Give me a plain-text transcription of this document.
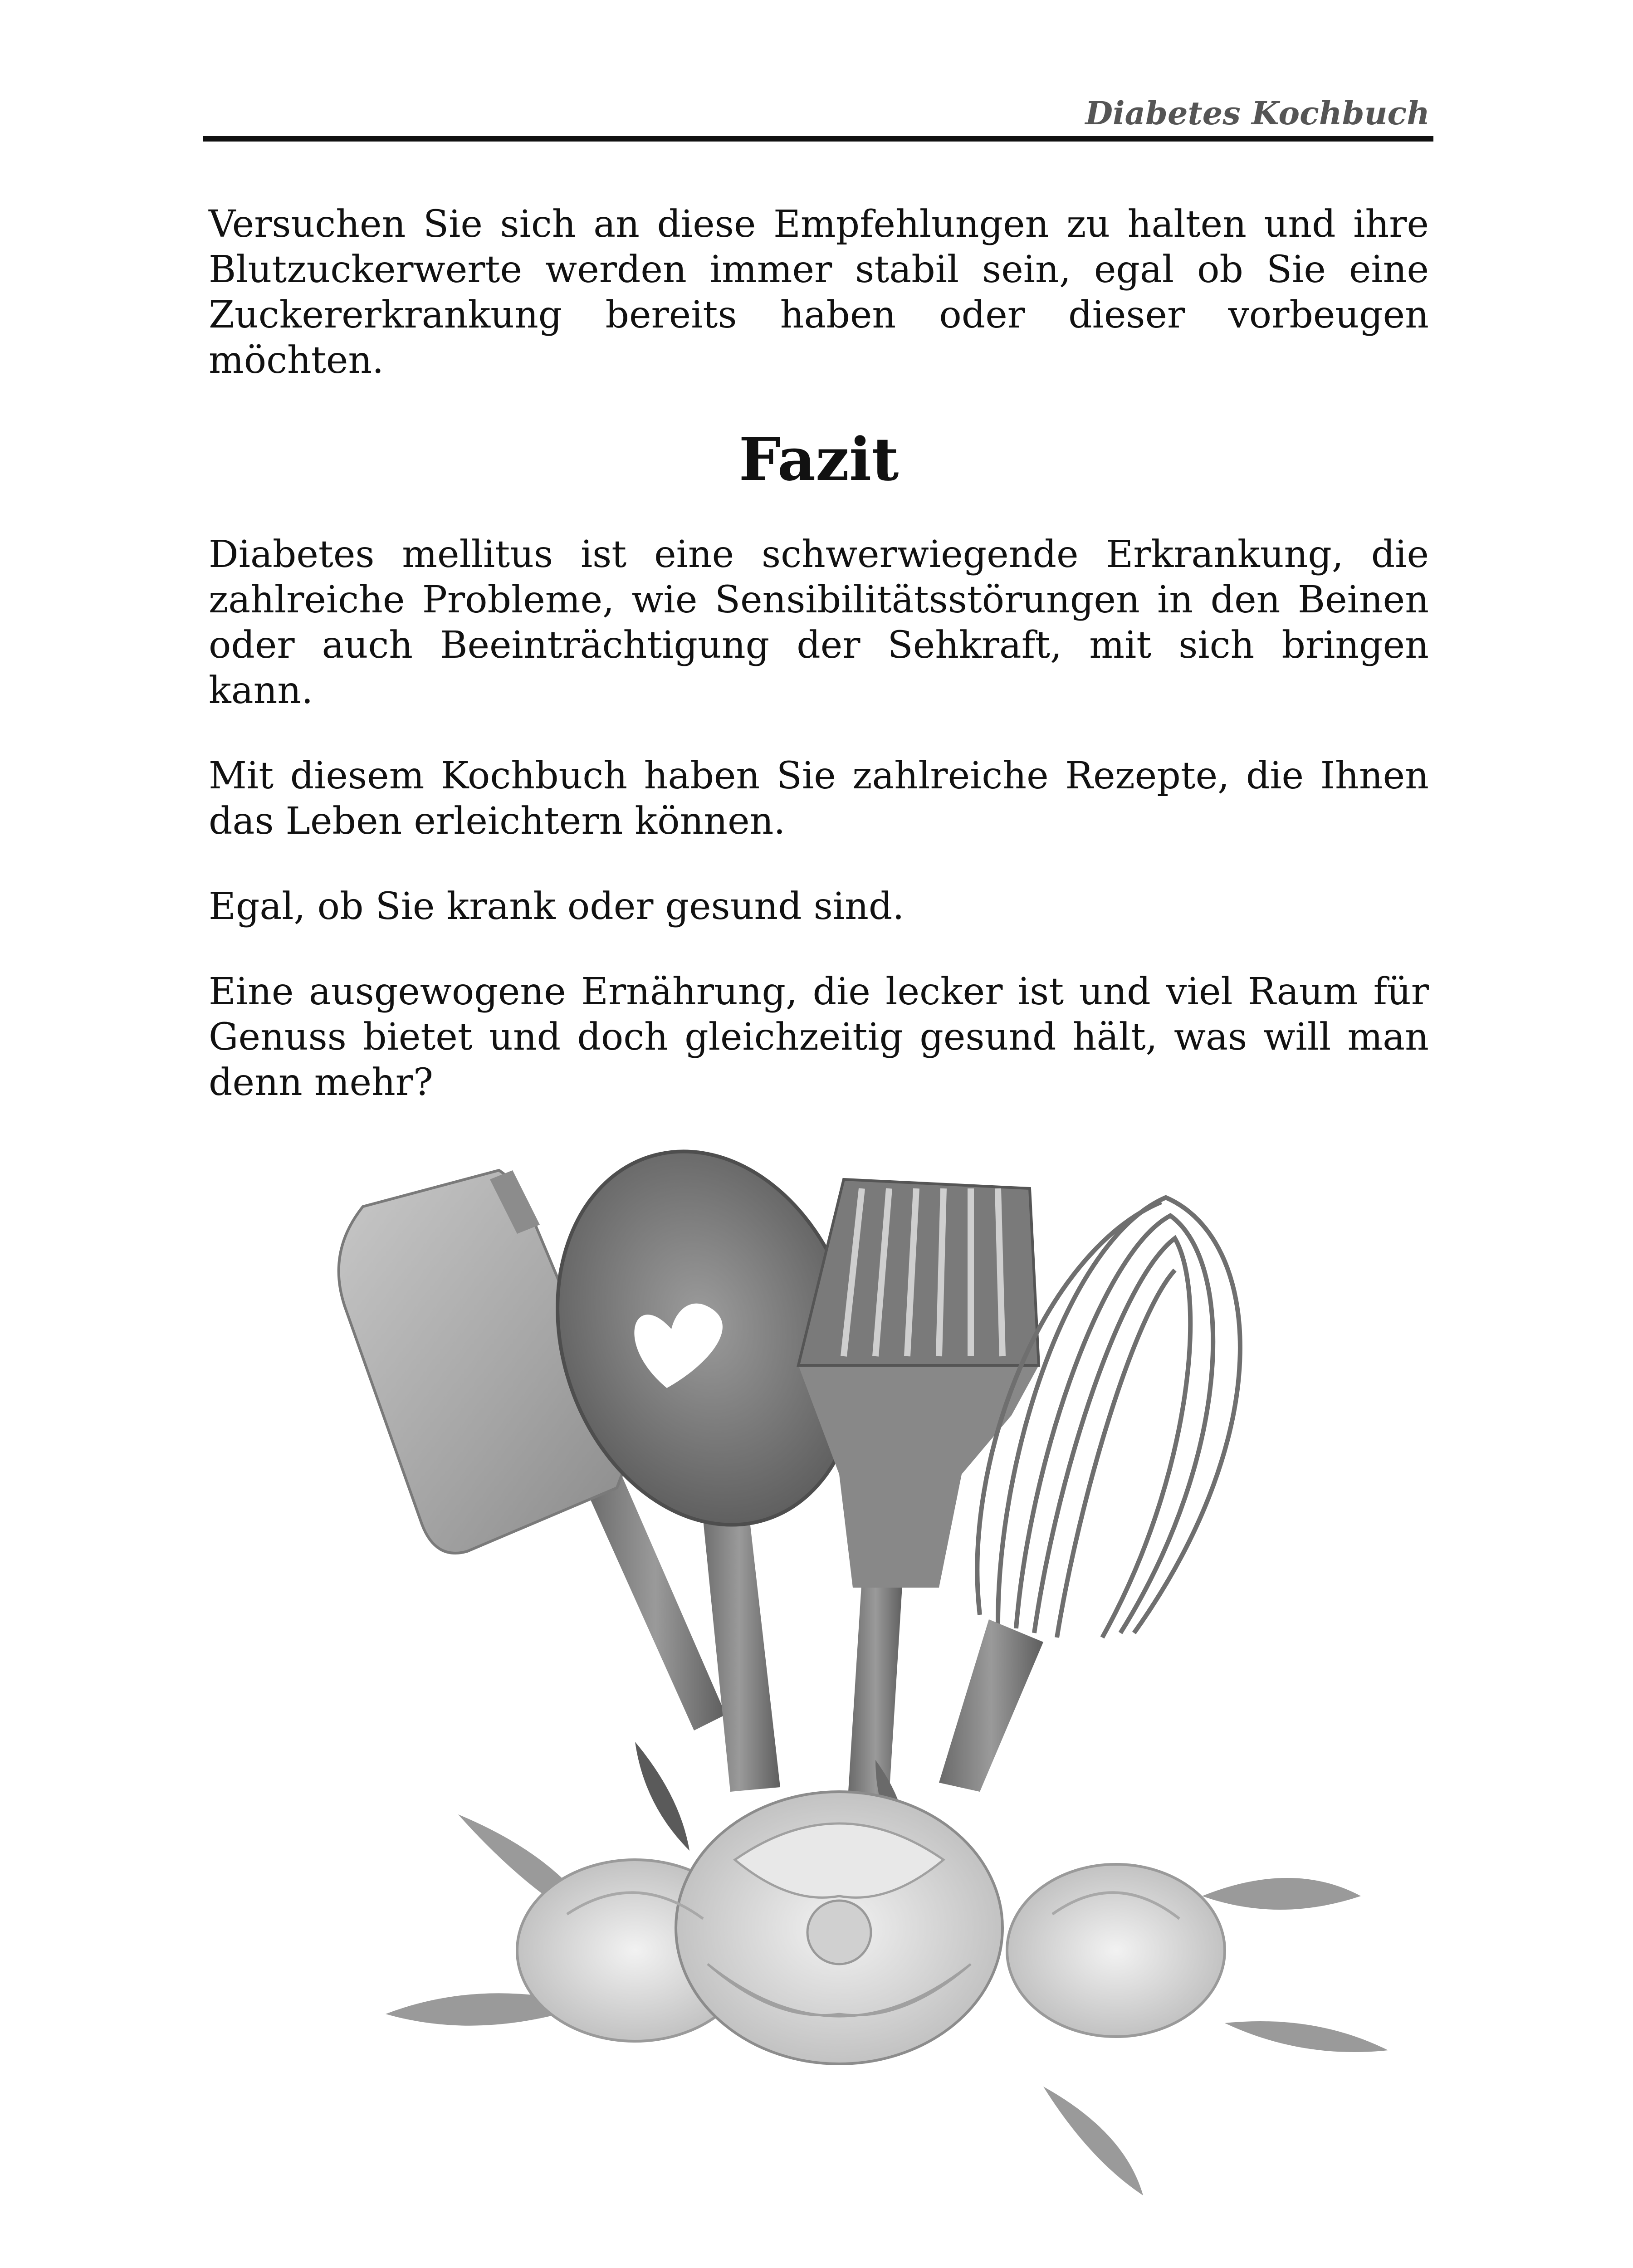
Diabetes Kochbuch

Versuchen Sie sich an diese Empfehlungen zu halten und ihre Blutzuckerwerte werden immer stabil sein, egal ob Sie eine Zuckererkrankung bereits haben oder dieser vorbeugen möchten.

Fazit

Diabetes mellitus ist eine schwerwiegende Erkrankung, die zahlreiche Probleme, wie Sensibilitätsstörungen in den Beinen oder auch Beeinträchtigung der Sehkraft, mit sich bringen kann.

Mit diesem Kochbuch haben Sie zahlreiche Rezepte, die Ihnen das Leben erleichtern können.

Egal, ob Sie krank oder gesund sind.

Eine ausgewogene Ernährung, die lecker ist und viel Raum für Genuss bietet und doch gleichzeitig gesund hält, was will man denn mehr?
